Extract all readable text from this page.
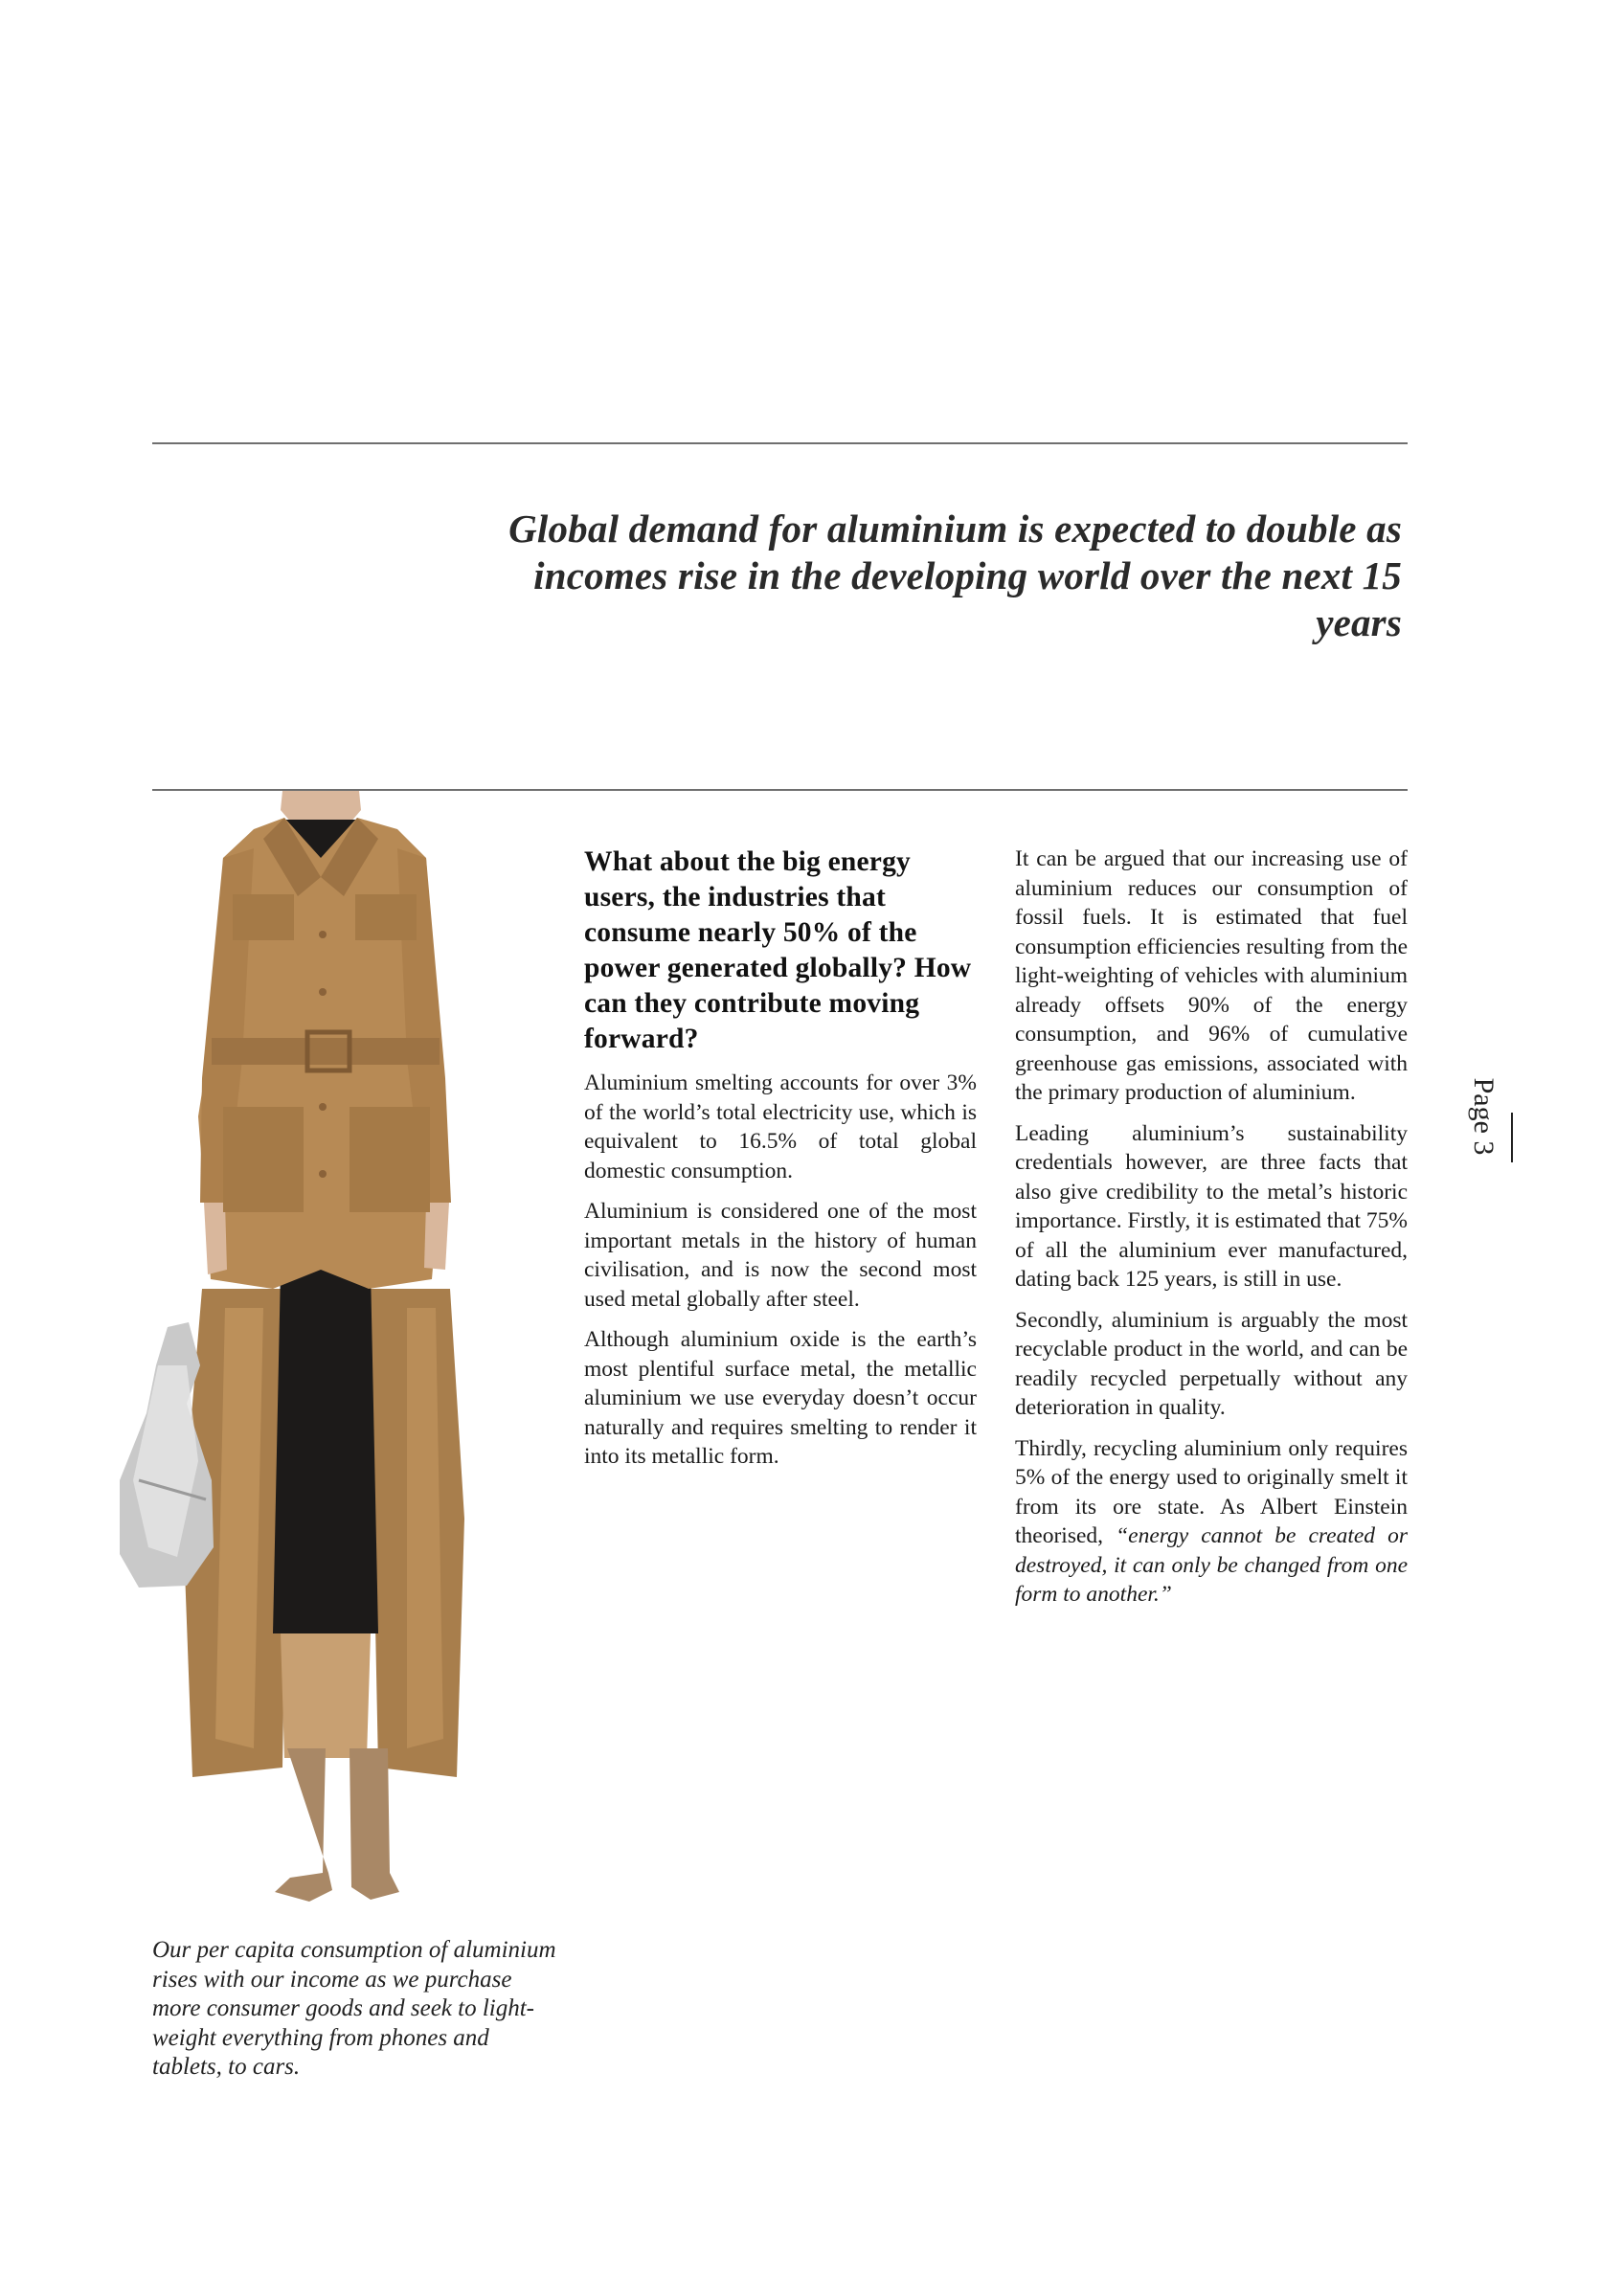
Global demand for aluminium is expected to double as
incomes rise in the developing world over the next 15 years

Our per capita consumption of aluminium rises with our income as we purchase more consumer goods and seek to light-weight everything from phones and tablets, to cars.

What about the big energy users, the industries that consume nearly 50% of the power generated globally? How can they contribute moving forward?

Aluminium smelting accounts for over 3% of the world’s total electricity use, which is equivalent to 16.5% of total global domestic consumption.

Aluminium is considered one of the most important metals in the history of human civilisation, and is now the second most used metal globally after steel.

Although aluminium oxide is the earth’s most plentiful surface metal, the metallic aluminium we use everyday doesn’t occur naturally and requires smelting to render it into its metallic form.

It can be argued that our increasing use of aluminium reduces our consumption of fossil fuels. It is estimated that fuel consumption efficiencies resulting from the light-weighting of vehicles with aluminium already offsets 90% of the energy consumption, and 96% of cumulative greenhouse gas emissions, associated with the primary production of aluminium.

Leading aluminium’s sustainability credentials however, are three facts that also give credibility to the metal’s historic importance. Firstly, it is estimated that 75% of all the aluminium ever manufactured, dating back 125 years, is still in use.

Secondly, aluminium is arguably the most recyclable product in the world, and can be readily recycled perpetually without any deterioration in quality.

Thirdly, recycling aluminium only requires 5% of the energy used to originally smelt it from its ore state. As Albert Einstein theorised, “energy cannot be created or destroyed, it can only be changed from one form to another.”

Page 3
